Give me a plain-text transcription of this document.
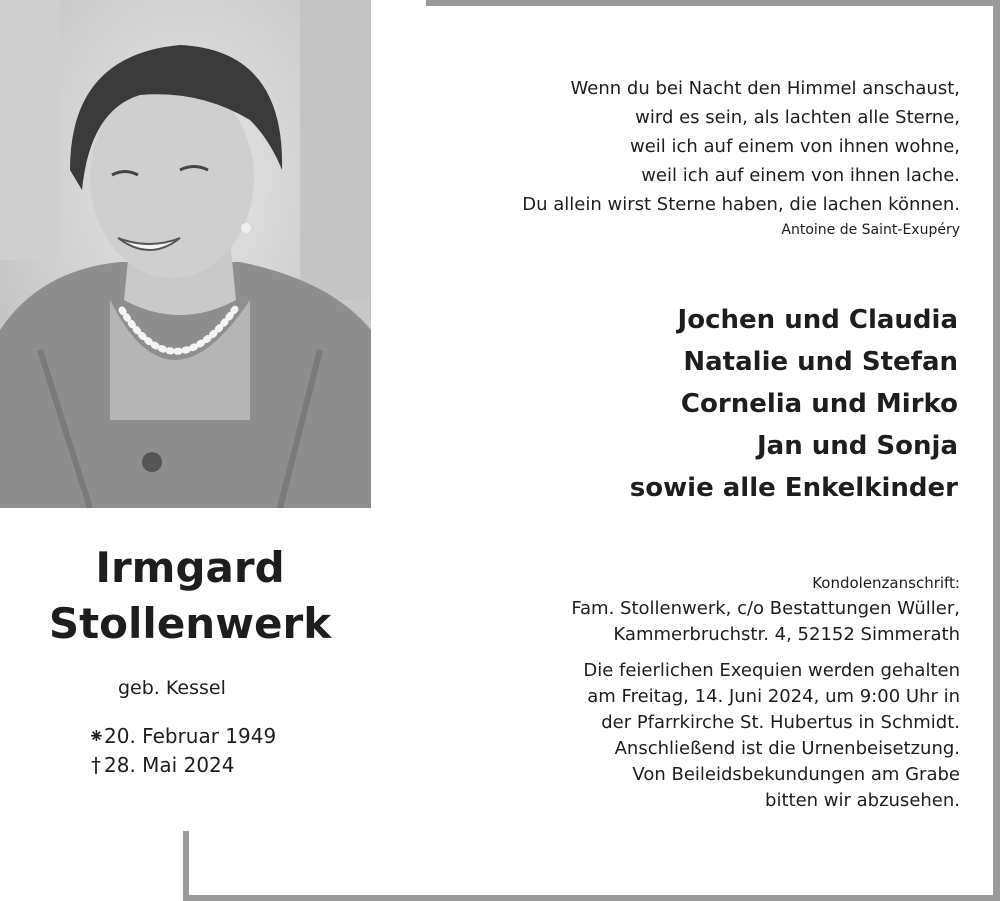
Wenn du bei Nacht den Himmel anschaust,
wird es sein, als lachten alle Sterne,
weil ich auf einem von ihnen wohne,
weil ich auf einem von ihnen lache.
Du allein wirst Sterne haben, die lachen können.
Antoine de Saint-Exupéry
Jochen und Claudia
Natalie und Stefan
Cornelia und Mirko
Jan und Sonja
sowie alle Enkelkinder
Irmgard
Stollenwerk
geb. Kessel
⁕20. Februar 1949
† 28. Mai 2024
Kondolenzanschrift:
Fam. Stollenwerk, c/o Bestattungen Wüller,
Kammerbruchstr. 4, 52152 Simmerath
Die feierlichen Exequien werden gehalten
am Freitag, 14. Juni 2024, um 9:00 Uhr in
der Pfarrkirche St. Hubertus in Schmidt.
Anschließend ist die Urnenbeisetzung.
Von Beileidsbekundungen am Grabe
bitten wir abzusehen.
